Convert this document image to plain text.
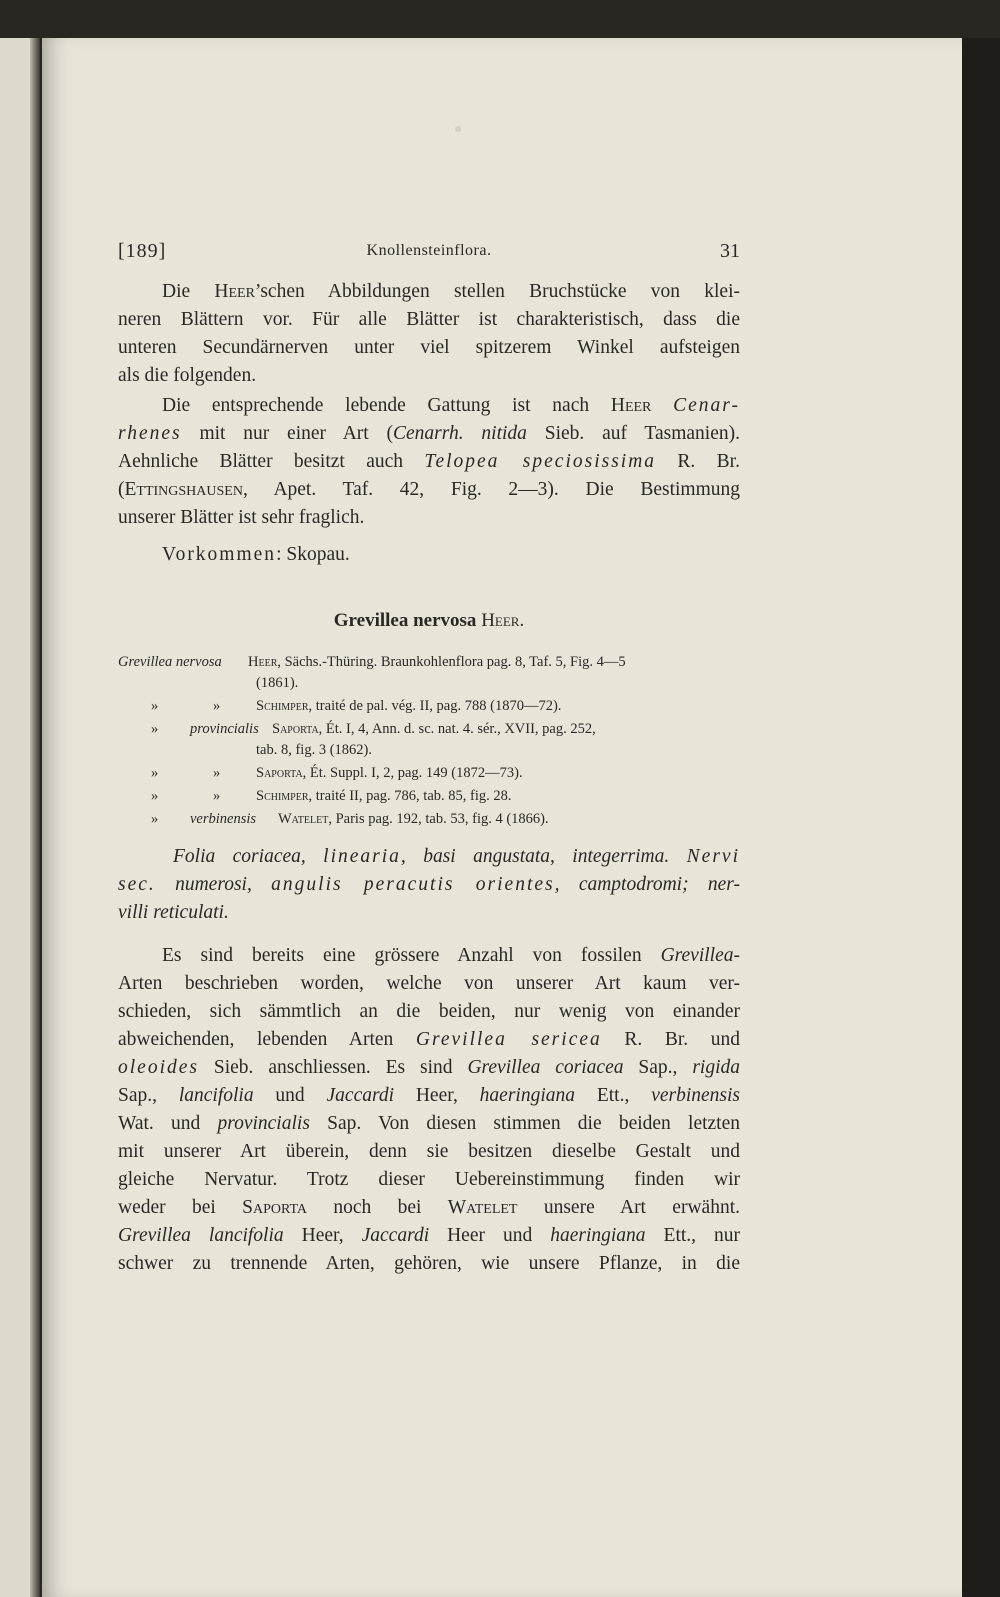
[189]	Knollensteinflora.	31
Die Heer’schen Abbildungen stellen Bruchstücke von klei-
neren Blättern vor. Für alle Blätter ist charakteristisch, dass die
unteren Secundärnerven unter viel spitzerem Winkel aufsteigen
als die folgenden.
Die entsprechende lebende Gattung ist nach Heer Cenar-
rhenes mit nur einer Art (Cenarrh. nitida Sieb. auf Tasmanien).
Aehnliche Blätter besitzt auch Telopea speciosissima R. Br.
(Ettingshausen, Apet. Taf. 42, Fig. 2—3). Die Bestimmung
unserer Blätter ist sehr fraglich.
Vorkommen: Skopau.
Grevillea nervosa Heer.
Grevillea nervosa Heer, Sächs.-Thüring. Braunkohlenflora pag. 8, Taf. 5, Fig. 4—5
(1861).
»	» Schimper, traité de pal. vég. II, pag. 788 (1870—72).
» provincialis Saporta, Ét. I, 4, Ann. d. sc. nat. 4. sér., XVII, pag. 252,
tab. 8, fig. 3 (1862).
»	» Saporta, Ét. Suppl. I, 2, pag. 149 (1872—73).
»	» Schimper, traité II, pag. 786, tab. 85, fig. 28.
» verbinensis Watelet, Paris pag. 192, tab. 53, fig. 4 (1866).
Folia coriacea, linearia, basi angustata, integerrima. Nervi
sec. numerosi, angulis peracutis orientes, camptodromi; ner-
villi reticulati.
Es sind bereits eine grössere Anzahl von fossilen Grevillea-
Arten beschrieben worden, welche von unserer Art kaum ver-
schieden, sich sämmtlich an die beiden, nur wenig von einander
abweichenden, lebenden Arten Grevillea sericea R. Br. und
oleoides Sieb. anschliessen. Es sind Grevillea coriacea Sap., rigida
Sap., lancifolia und Jaccardi Heer, haeringiana Ett., verbinensis
Wat. und provincialis Sap. Von diesen stimmen die beiden letzten
mit unserer Art überein, denn sie besitzen dieselbe Gestalt und
gleiche Nervatur. Trotz dieser Uebereinstimmung finden wir
weder bei Saporta noch bei Watelet unsere Art erwähnt.
Grevillea lancifolia Heer, Jaccardi Heer und haeringiana Ett., nur
schwer zu trennende Arten, gehören, wie unsere Pflanze, in die
